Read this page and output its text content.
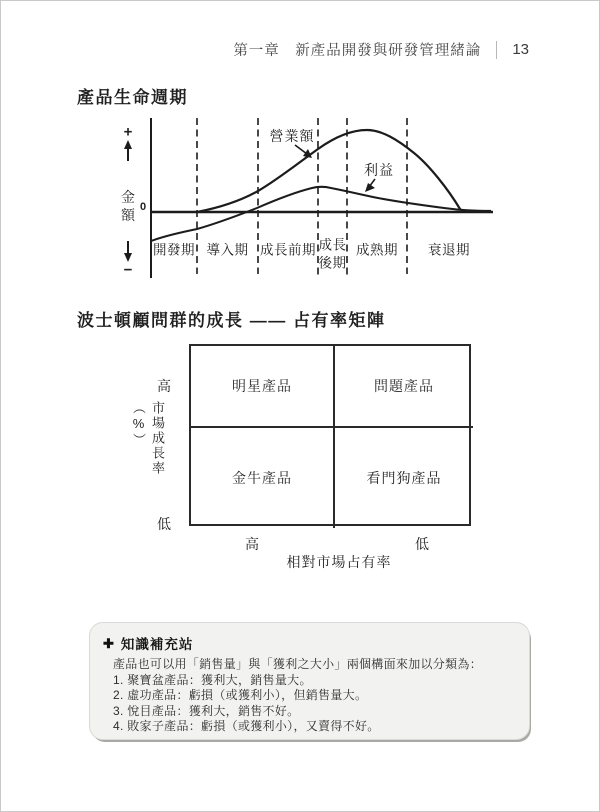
第一章　新產品開發與研發管理緒論 13
產品生命週期
+
金
額 0
−
營業額
利益
開發期 導入期 成長前期 成長
後期
成熟期 衰退期
波士頓顧問群的成長 —— 占有率矩陣
市場成長率（%）
高
低
明星產品	問題產品
金牛產品	看門狗產品
高	低
相對市場占有率
✚ 知識補充站
產品也可以用「銷售量」與「獲利之大小」兩個構面來加以分類為：
1. 聚寶盆產品：獲利大，銷售量大。
2. 虛功產品：虧損（或獲利小），但銷售量大。
3. 悅目產品：獲利大，銷售不好。
4. 敗家子產品：虧損（或獲利小），又賣得不好。
